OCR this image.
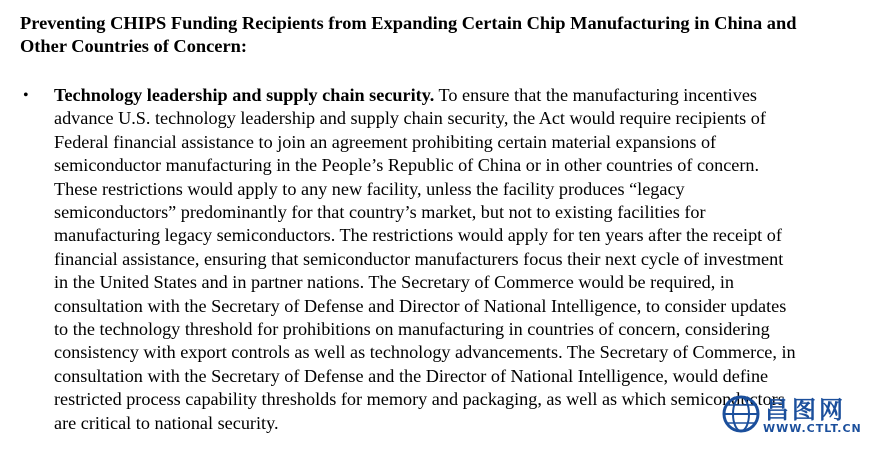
Preventing CHIPS Funding Recipients from Expanding Certain Chip Manufacturing in China and
Other Countries of Concern:
• Technology leadership and supply chain security. To ensure that the manufacturing incentives
advance U.S. technology leadership and supply chain security, the Act would require recipients of
Federal financial assistance to join an agreement prohibiting certain material expansions of
semiconductor manufacturing in the People’s Republic of China or in other countries of concern.
These restrictions would apply to any new facility, unless the facility produces “legacy
semiconductors” predominantly for that country’s market, but not to existing facilities for
manufacturing legacy semiconductors. The restrictions would apply for ten years after the receipt of
financial assistance, ensuring that semiconductor manufacturers focus their next cycle of investment
in the United States and in partner nations. The Secretary of Commerce would be required, in
consultation with the Secretary of Defense and Director of National Intelligence, to consider updates
to the technology threshold for prohibitions on manufacturing in countries of concern, considering
consistency with export controls as well as technology advancements. The Secretary of Commerce, in
consultation with the Secretary of Defense and the Director of National Intelligence, would define
restricted process capability thresholds for memory and packaging, as well as which semiconductors
are critical to national security.	昌图网
WWW.CTLT.CN
